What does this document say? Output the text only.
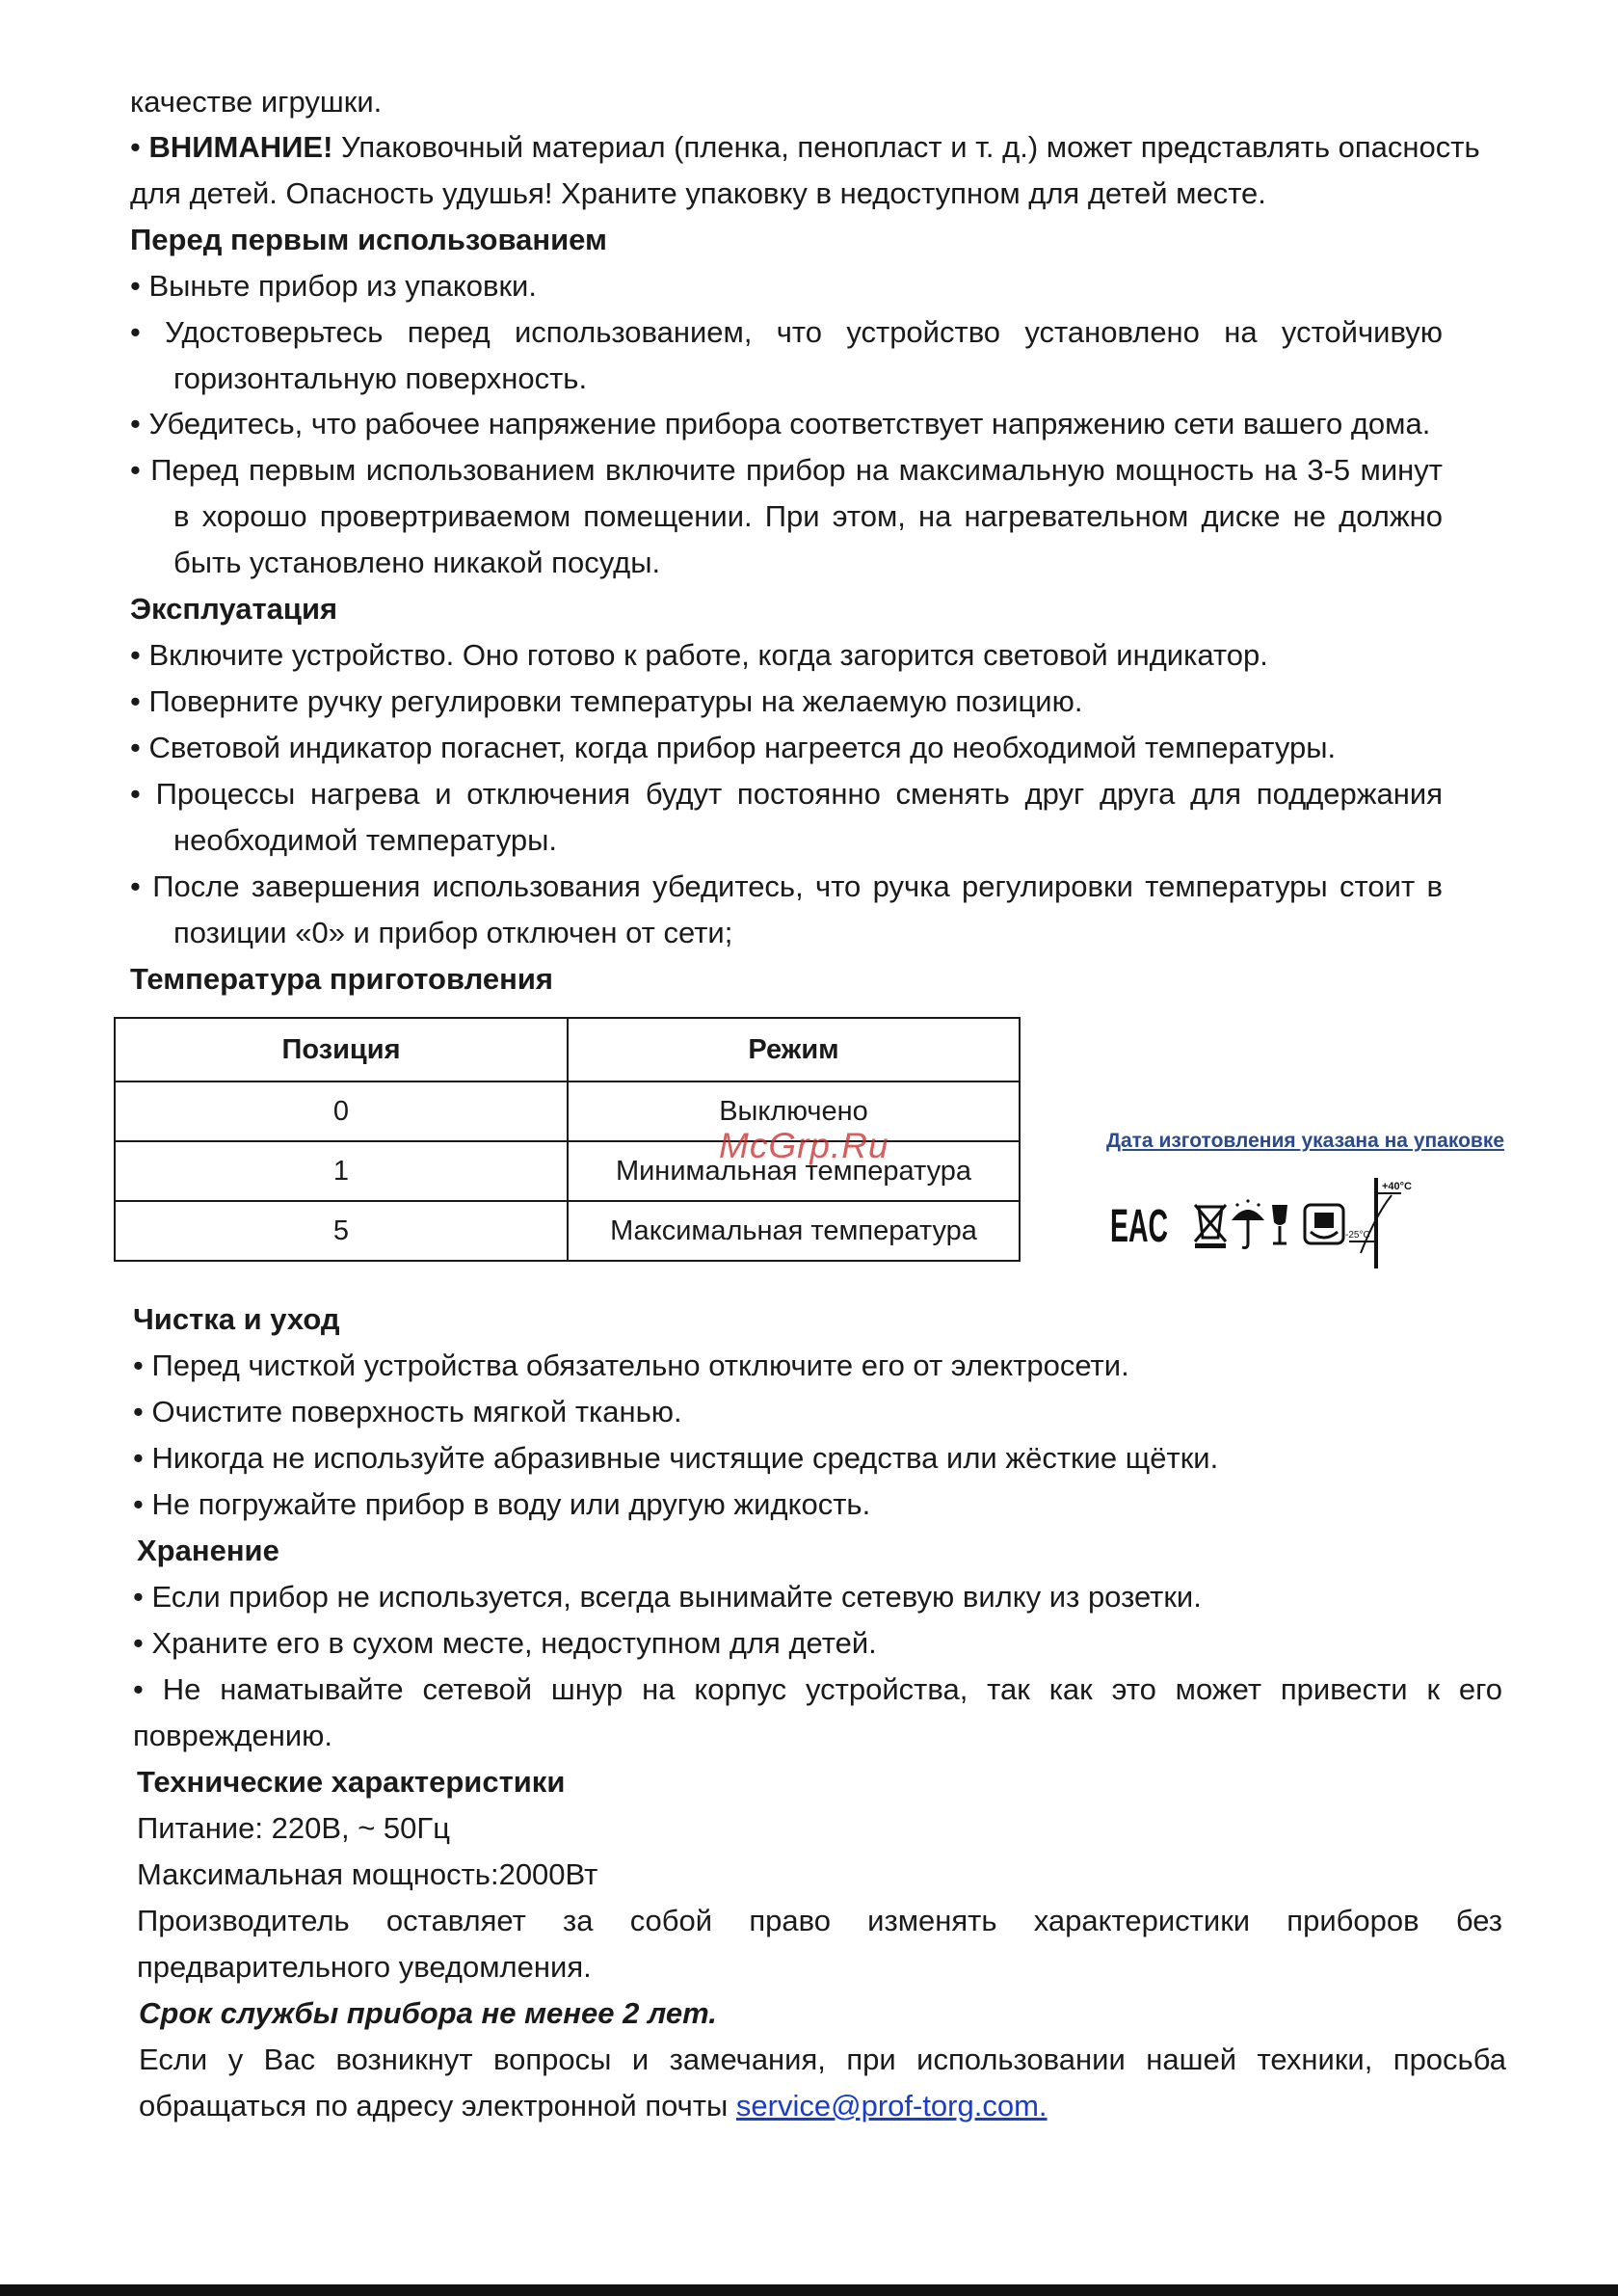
качестве игрушки.
• ВНИМАНИЕ! Упаковочный материал (пленка, пенопласт и т. д.) может представлять опасность
для детей. Опасность удушья! Храните упаковку в недоступном для детей месте.
Перед первым использованием
• Выньте прибор из упаковки.
• Удостоверьтесь перед использованием, что устройство установлено на устойчивую
горизонтальную поверхность.
• Убедитесь, что рабочее напряжение прибора соответствует напряжению сети вашего дома.
• Перед первым использованием включите прибор на максимальную мощность на 3-5 минут
в хорошо провертриваемом помещении. При этом, на нагревательном диске не должно
быть установлено никакой посуды.
Эксплуатация
• Включите устройство. Оно готово к работе, когда загорится световой индикатор.
• Поверните ручку регулировки температуры на желаемую позицию.
• Световой индикатор погаснет, когда прибор нагреется до необходимой температуры.
• Процессы нагрева и отключения будут постоянно сменять друг друга для поддержания
необходимой температуры.
• После завершения использования убедитесь, что ручка регулировки температуры стоит в
позиции «0» и прибор отключен от сети;
Температура приготовления
Позиция	Режим
0	Выключено
1	Минимальная температура
5	Максимальная температура
McGrp.Ru	Дата изготовления указана на упаковке
EAC
+40°C
-25°C
Чистка и уход
• Перед чисткой устройства обязательно отключите его от электросети.
• Очистите поверхность мягкой тканью.
• Никогда не используйте абразивные чистящие средства или жёсткие щётки.
• Не погружайте прибор в воду или другую жидкость.
Хранение
• Если прибор не используется, всегда вынимайте сетевую вилку из розетки.
• Храните его в сухом месте, недоступном для детей.
• Не наматывайте сетевой шнур на корпус устройства, так как это может привести к его
повреждению.
Технические характеристики
Питание: 220В, ~ 50Гц
Максимальная мощность:2000Вт
Производитель оставляет за собой право изменять характеристики приборов без
предварительного уведомления.
Срок службы прибора не менее 2 лет.
Если у Вас возникнут вопросы и замечания, при использовании нашей техники, просьба
обращаться по адресу электронной почты service@prof-torg.com.
